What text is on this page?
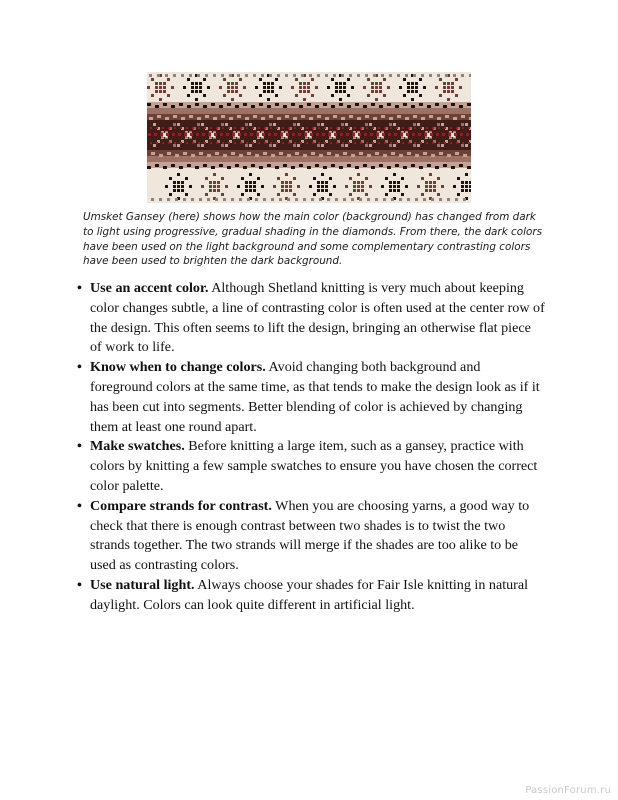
Umsket Gansey (here) shows how the main color (background) has changed from dark to light using progressive, gradual shading in the diamonds. From there, the dark colors have been used on the light background and some complementary contrasting colors have been used to brighten the dark background.
• Use an accent color. Although Shetland knitting is very much about keeping color changes subtle, a line of contrasting color is often used at the center row of the design. This often seems to lift the design, bringing an otherwise flat piece of work to life.
• Know when to change colors. Avoid changing both background and foreground colors at the same time, as that tends to make the design look as if it has been cut into segments. Better blending of color is achieved by changing them at least one round apart.
• Make swatches. Before knitting a large item, such as a gansey, practice with colors by knitting a few sample swatches to ensure you have chosen the correct color palette.
• Compare strands for contrast. When you are choosing yarns, a good way to check that there is enough contrast between two shades is to twist the two strands together. The two strands will merge if the shades are too alike to be used as contrasting colors.
• Use natural light. Always choose your shades for Fair Isle knitting in natural daylight. Colors can look quite different in artificial light.
PassionForum.ru
